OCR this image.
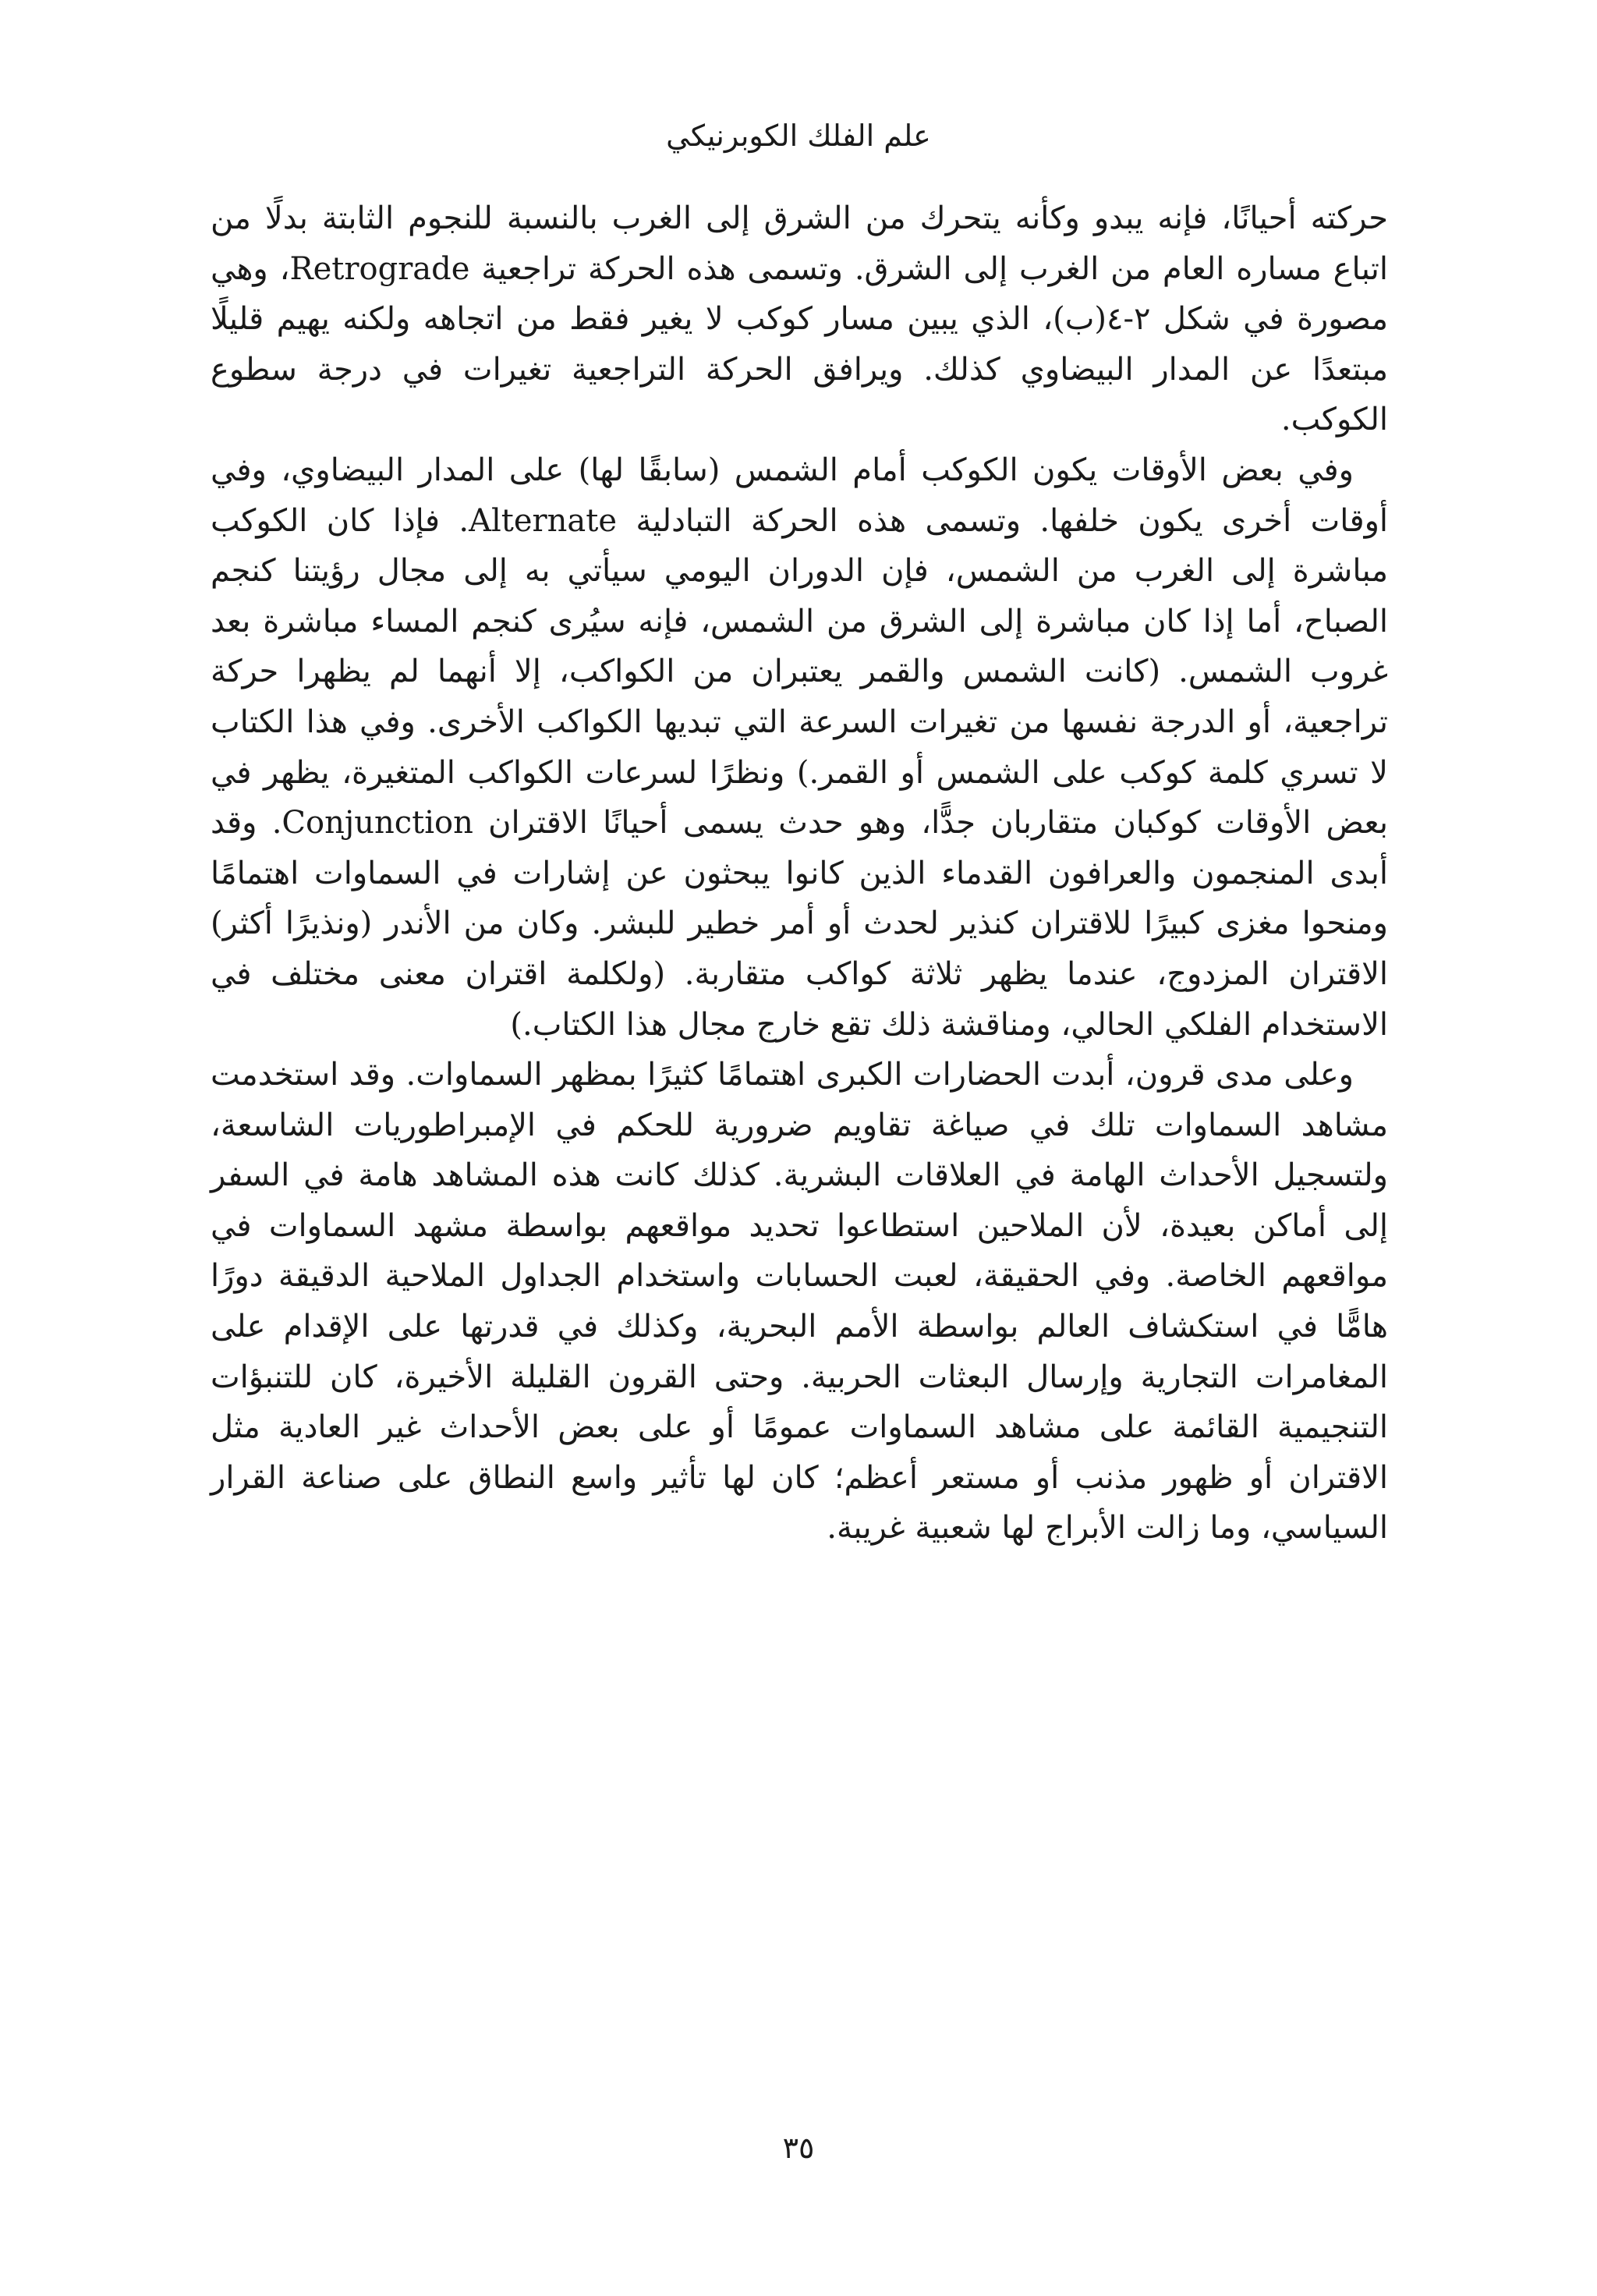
علم الفلك الكوبرنيكي

حركته أحيانًا، فإنه يبدو وكأنه يتحرك من الشرق إلى الغرب بالنسبة للنجوم الثابتة بدلًا من اتباع مساره العام من الغرب إلى الشرق. وتسمى هذه الحركة تراجعية Retrograde، وهي مصورة في شكل ٢-٤(ب)، الذي يبين مسار كوكب لا يغير فقط من اتجاهه ولكنه يهيم قليلًا مبتعدًا عن المدار البيضاوي كذلك. ويرافق الحركة التراجعية تغيرات في درجة سطوع الكوكب.

وفي بعض الأوقات يكون الكوكب أمام الشمس (سابقًا لها) على المدار البيضاوي، وفي أوقات أخرى يكون خلفها. وتسمى هذه الحركة التبادلية Alternate. فإذا كان الكوكب مباشرة إلى الغرب من الشمس، فإن الدوران اليومي سيأتي به إلى مجال رؤيتنا كنجم الصباح، أما إذا كان مباشرة إلى الشرق من الشمس، فإنه سيُرى كنجم المساء مباشرة بعد غروب الشمس. (كانت الشمس والقمر يعتبران من الكواكب، إلا أنهما لم يظهرا حركة تراجعية، أو الدرجة نفسها من تغيرات السرعة التي تبديها الكواكب الأخرى. وفي هذا الكتاب لا تسري كلمة كوكب على الشمس أو القمر.) ونظرًا لسرعات الكواكب المتغيرة، يظهر في بعض الأوقات كوكبان متقاربان جدًّا، وهو حدث يسمى أحيانًا الاقتران Conjunction. وقد أبدى المنجمون والعرافون القدماء الذين كانوا يبحثون عن إشارات في السماوات اهتمامًا ومنحوا مغزى كبيرًا للاقتران كنذير لحدث أو أمر خطير للبشر. وكان من الأندر (ونذيرًا أكثر) الاقتران المزدوج، عندما يظهر ثلاثة كواكب متقاربة. (ولكلمة اقتران معنى مختلف في الاستخدام الفلكي الحالي، ومناقشة ذلك تقع خارج مجال هذا الكتاب.)

وعلى مدى قرون، أبدت الحضارات الكبرى اهتمامًا كثيرًا بمظهر السماوات. وقد استخدمت مشاهد السماوات تلك في صياغة تقاويم ضرورية للحكم في الإمبراطوريات الشاسعة، ولتسجيل الأحداث الهامة في العلاقات البشرية. كذلك كانت هذه المشاهد هامة في السفر إلى أماكن بعيدة، لأن الملاحين استطاعوا تحديد مواقعهم بواسطة مشهد السماوات في مواقعهم الخاصة. وفي الحقيقة، لعبت الحسابات واستخدام الجداول الملاحية الدقيقة دورًا هامًّا في استكشاف العالم بواسطة الأمم البحرية، وكذلك في قدرتها على الإقدام على المغامرات التجارية وإرسال البعثات الحربية. وحتى القرون القليلة الأخيرة، كان للتنبؤات التنجيمية القائمة على مشاهد السماوات عمومًا أو على بعض الأحداث غير العادية مثل الاقتران أو ظهور مذنب أو مستعر أعظم؛ كان لها تأثير واسع النطاق على صناعة القرار السياسي، وما زالت الأبراج لها شعبية غريبة.

٣٥
